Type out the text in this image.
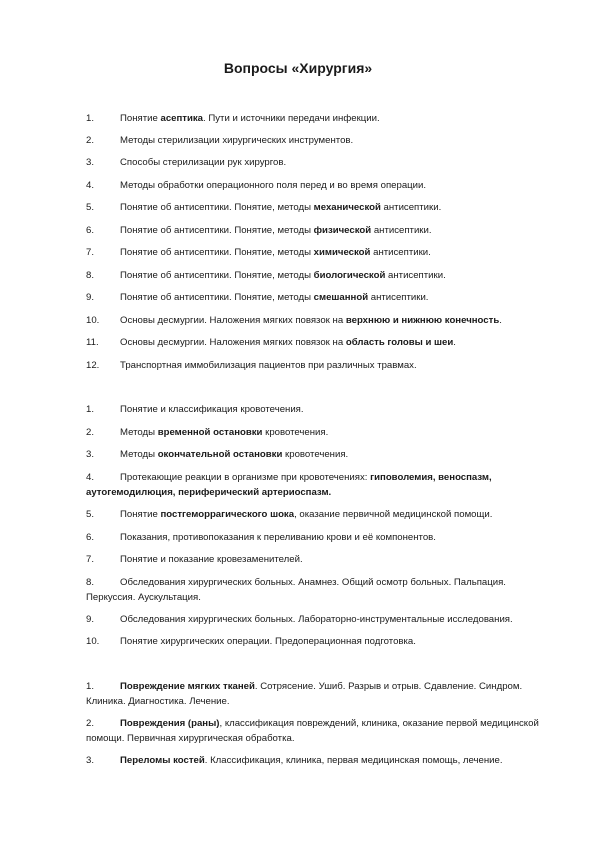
Вопросы «Хирургия»
1.	Понятие асептика. Пути и источники передачи инфекции.
2.	Методы стерилизации хирургических инструментов.
3.	Способы стерилизации рук хирургов.
4.	Методы обработки операционного поля перед и во время операции.
5.	Понятие об антисептики. Понятие, методы механической антисептики.
6.	Понятие об антисептики. Понятие, методы физической антисептики.
7.	Понятие об антисептики. Понятие, методы химической антисептики.
8.	Понятие об антисептики. Понятие, методы биологической антисептики.
9.	Понятие об антисептики. Понятие, методы смешанной антисептики.
10. Основы десмургии. Наложения мягких повязок на верхнюю и нижнюю конечность.
11. Основы десмургии. Наложения мягких повязок на область головы и шеи.
12. Транспортная иммобилизация пациентов при различных травмах.
1.	Понятие и классификация кровотечения.
2.	Методы временной остановки кровотечения.
3.	Методы окончательной остановки кровотечения.
4.	Протекающие реакции в организме при кровотечениях: гиповолемия, веноспазм, аутогемодилюция, периферический артериоспазм.
5.	Понятие постгеморрагического шока, оказание первичной медицинской помощи.
6.	Показания, противопоказания к переливанию крови и её компонентов.
7.	Понятие и показание кровезаменителей.
8.	Обследования хирургических больных. Анамнез. Общий осмотр больных. Пальпация. Перкуссия. Аускультация.
9.	Обследования хирургических больных. Лабораторно-инструментальные исследования.
10. Понятие хирургических операции. Предоперационная подготовка.
1.	Повреждение мягких тканей. Сотрясение. Ушиб. Разрыв и отрыв. Сдавление. Синдром. Клиника. Диагностика. Лечение.
2.	Повреждения (раны), классификация повреждений, клиника, оказание первой медицинской помощи. Первичная хирургическая обработка.
3.	Переломы костей. Классификация, клиника, первая медицинская помощь, лечение.
